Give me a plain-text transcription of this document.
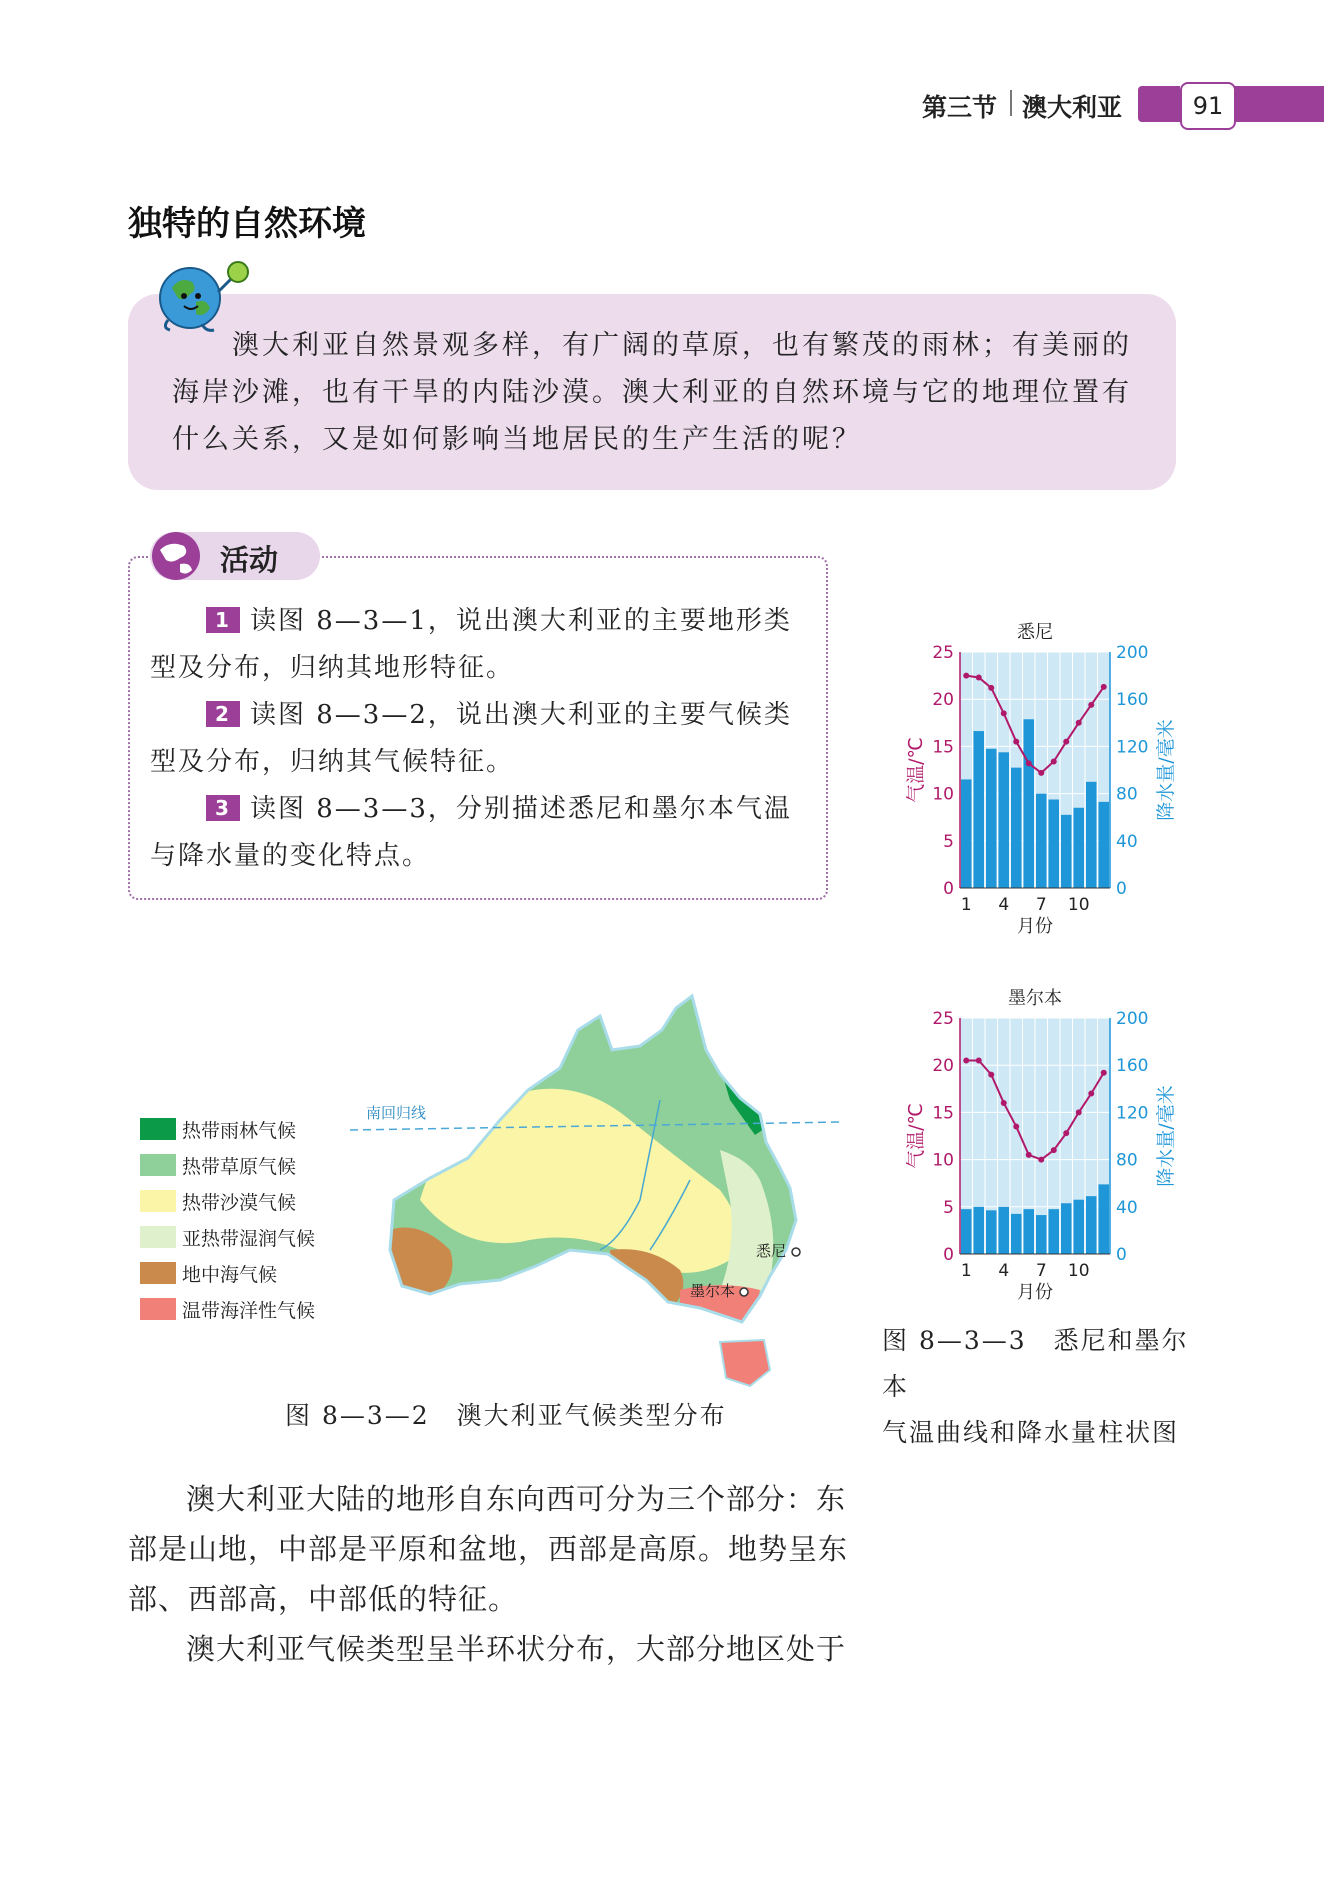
第三节 澳大利亚	91
独特的自然环境
澳大利亚自然景观多样，有广阔的草原，也有繁茂的雨林；有美丽的海岸沙滩，也有干旱的内陆沙漠。澳大利亚的自然环境与它的地理位置有什么关系，又是如何影响当地居民的生产生活的呢？
活动
1 读图 8—3—1，说出澳大利亚的主要地形类型及分布，归纳其地形特征。
2 读图 8—3—2，说出澳大利亚的主要气候类型及分布，归纳其气候特征。
3 读图 8—3—3，分别描述悉尼和墨尔本气温与降水量的变化特点。
南回归线
悉尼
墨尔本
热带雨林气候
热带草原气候
热带沙漠气候
亚热带湿润气候
地中海气候
温带海洋性气候
图 8—3—2　澳大利亚气候类型分布
0
5
10
15
20
25
0
40
80
120
160
200
1 4 7 10
悉尼
月份
气温/℃	降水量/毫米
0
5
10
15
20
25
0
40
80
120
160
200
1 4 7 10
墨尔本
月份
气温/℃	降水量/毫米
图 8—3—3　悉尼和墨尔本
气温曲线和降水量柱状图

澳大利亚大陆的地形自东向西可分为三个部分：东部是山地，中部是平原和盆地，西部是高原。地势呈东部、西部高，中部低的特征。

澳大利亚气候类型呈半环状分布，大部分地区处于
